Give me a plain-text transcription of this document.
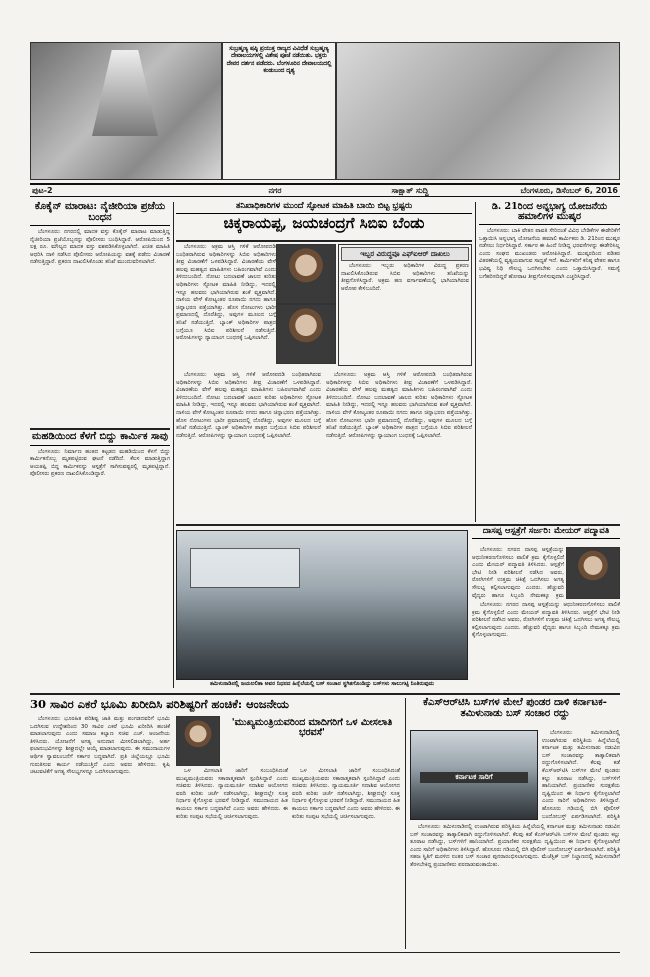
ಸುಬ್ರಹ್ಮಣ್ಯ ಷಷ್ಠಿ ಪ್ರಯುಕ್ತ ರಾಜ್ಯದ ವಿವಿಧೆಡೆ ಸುಬ್ರಹ್ಮಣ್ಯ ದೇವಾಲಯಗಳಲ್ಲಿ ವಿಶೇಷ ಪೂಜೆ ನಡೆಯಿತು. ಭಕ್ತರು ದೇವರ ದರ್ಶನ ಪಡೆದರು. ಬೆಂಗಳೂರಿನ ದೇವಾಲಯದಲ್ಲಿ ಕಂಡುಬಂದ ದೃಶ್ಯ
ಪುಟ-2	ನಗರ	ಸಾಕ್ಷಾತ್ ಸುದ್ದಿ	ಬೆಂಗಳೂರು, ಡಿಸೆಂಬರ್ 6, 2016
ಕೊಕೈನ್ ಮಾರಾಟ: ನೈಜೀರಿಯಾ ಪ್ರಜೆಯ ಬಂಧನ

ಬೆಂಗಳೂರು: ನಗರದಲ್ಲಿ ಮಾದಕ ವಸ್ತು ಕೊಕೈನ್ ಮಾರಾಟ ಮಾಡುತ್ತಿದ್ದ ನೈಜೀರಿಯಾ ಪ್ರಜೆಯೊಬ್ಬನನ್ನು ಪೊಲೀಸರು ಬಂಧಿಸಿದ್ದಾರೆ. ಆರೋಪಿಯಿಂದ 5 ಲಕ್ಷ ರೂ. ಮೌಲ್ಯದ ಮಾದಕ ವಸ್ತು ವಶಪಡಿಸಿಕೊಳ್ಳಲಾಗಿದೆ. ಖಚಿತ ಮಾಹಿತಿ ಆಧರಿಸಿ ದಾಳಿ ನಡೆಸಿದ ಪೊಲೀಸರು ಆರೋಪಿಯನ್ನು ವಶಕ್ಕೆ ಪಡೆದು ವಿಚಾರಣೆ ನಡೆಸುತ್ತಿದ್ದಾರೆ. ಪ್ರಕರಣ ದಾಖಲಿಸಿಕೊಂಡು ತನಿಖೆ ಮುಂದುವರಿಸಲಾಗಿದೆ.

ಮಹಡಿಯಿಂದ ಕೆಳಗೆ ಬಿದ್ದು ಕಾರ್ಮಿಕ ಸಾವು

ಬೆಂಗಳೂರು: ನಿರ್ಮಾಣ ಹಂತದ ಕಟ್ಟಡದ ಮಹಡಿಯಿಂದ ಕೆಳಗೆ ಬಿದ್ದು ಕಾರ್ಮಿಕನೊಬ್ಬ ಮೃತಪಟ್ಟಿರುವ ಘಟನೆ ನಡೆದಿದೆ. ಕೆಲಸ ಮಾಡುತ್ತಿದ್ದಾಗ ಆಯತಪ್ಪಿ ಬಿದ್ದ ಕಾರ್ಮಿಕನನ್ನು ಆಸ್ಪತ್ರೆಗೆ ಸಾಗಿಸುವಷ್ಟರಲ್ಲಿ ಮೃತಪಟ್ಟಿದ್ದಾನೆ. ಪೊಲೀಸರು ಪ್ರಕರಣ ದಾಖಲಿಸಿಕೊಂಡಿದ್ದಾರೆ.

ತನಿಖಾಧಿಕಾರಿಗಳ ಮುಂದೆ ಸ್ಫೋಟಕ ಮಾಹಿತಿ ಬಾಯಿ ಬಿಟ್ಟ ಭ್ರಷ್ಟರು
ಚಿಕ್ಕರಾಯಪ್ಪ, ಜಯಚಂದ್ರಗೆ ಸಿಬಿಐ ಬೆಂಡು

ಬೆಂಗಳೂರು: ಅಕ್ರಮ ಆಸ್ತಿ ಗಳಿಕೆ ಆರೋಪದಡಿ ಬಂಧಿತರಾಗಿರುವ ಅಧಿಕಾರಿಗಳನ್ನು ಸಿಬಿಐ ಅಧಿಕಾರಿಗಳು ತೀವ್ರ ವಿಚಾರಣೆಗೆ ಒಳಪಡಿಸಿದ್ದಾರೆ. ವಿಚಾರಣೆಯ ವೇಳೆ ಹಲವು ಮಹತ್ವದ ಮಾಹಿತಿಗಳು ಬಹಿರಂಗವಾಗಿವೆ ಎಂದು ತಿಳಿದುಬಂದಿದೆ. ನೋಟು ಬದಲಾವಣೆ ಜಾಲದ ಕುರಿತು ಅಧಿಕಾರಿಗಳು ಸ್ಫೋಟಕ ಮಾಹಿತಿ ನೀಡಿದ್ದು, ಇದರಲ್ಲಿ ಇನ್ನೂ ಹಲವರು ಭಾಗಿಯಾಗಿರುವ ಶಂಕೆ ವ್ಯಕ್ತವಾಗಿದೆ. ದಾಳಿಯ ವೇಳೆ ಕೋಟ್ಯಂತರ ರೂಪಾಯಿ ನಗದು ಹಾಗೂ ಚಿನ್ನಾಭರಣ ಪತ್ತೆಯಾಗಿತ್ತು. ಹೊಸ ನೋಟುಗಳು ಭಾರೀ ಪ್ರಮಾಣದಲ್ಲಿ ದೊರೆತಿದ್ದು, ಅವುಗಳ ಮೂಲದ ಬಗ್ಗೆ ತನಿಖೆ ನಡೆಯುತ್ತಿದೆ. ಬ್ಯಾಂಕ್ ಅಧಿಕಾರಿಗಳ ಪಾತ್ರದ ಬಗ್ಗೆಯೂ ಸಿಬಿಐ ಪರಿಶೀಲನೆ ನಡೆಸುತ್ತಿದೆ. ಆರೋಪಿಗಳನ್ನು ನ್ಯಾಯಾಂಗ ಬಂಧನಕ್ಕೆ ಒಪ್ಪಿಸಲಾಗಿದೆ.

ಇಬ್ಬರ ವಿರುದ್ಧವೂ ಎಫ್‌ಐಆರ್ ದಾಖಲು

ಬೆಂಗಳೂರು: ಇಬ್ಬರು ಅಧಿಕಾರಿಗಳ ವಿರುದ್ಧ ಪ್ರಕರಣ ದಾಖಲಿಸಿಕೊಂಡಿರುವ ಸಿಬಿಐ ಅಧಿಕಾರಿಗಳು ತನಿಖೆಯನ್ನು ತೀವ್ರಗೊಳಿಸಿದ್ದಾರೆ. ಅಕ್ರಮ ಹಣ ವರ್ಗಾವಣೆಯಲ್ಲಿ ಭಾಗಿಯಾಗಿರುವ ಆರೋಪ ಕೇಳಿಬಂದಿದೆ.

ಬೆಂಗಳೂರು: ಅಕ್ರಮ ಆಸ್ತಿ ಗಳಿಕೆ ಆರೋಪದಡಿ ಬಂಧಿತರಾಗಿರುವ ಅಧಿಕಾರಿಗಳನ್ನು ಸಿಬಿಐ ಅಧಿಕಾರಿಗಳು ತೀವ್ರ ವಿಚಾರಣೆಗೆ ಒಳಪಡಿಸಿದ್ದಾರೆ. ವಿಚಾರಣೆಯ ವೇಳೆ ಹಲವು ಮಹತ್ವದ ಮಾಹಿತಿಗಳು ಬಹಿರಂಗವಾಗಿವೆ ಎಂದು ತಿಳಿದುಬಂದಿದೆ. ನೋಟು ಬದಲಾವಣೆ ಜಾಲದ ಕುರಿತು ಅಧಿಕಾರಿಗಳು ಸ್ಫೋಟಕ ಮಾಹಿತಿ ನೀಡಿದ್ದು, ಇದರಲ್ಲಿ ಇನ್ನೂ ಹಲವರು ಭಾಗಿಯಾಗಿರುವ ಶಂಕೆ ವ್ಯಕ್ತವಾಗಿದೆ. ದಾಳಿಯ ವೇಳೆ ಕೋಟ್ಯಂತರ ರೂಪಾಯಿ ನಗದು ಹಾಗೂ ಚಿನ್ನಾಭರಣ ಪತ್ತೆಯಾಗಿತ್ತು. ಹೊಸ ನೋಟುಗಳು ಭಾರೀ ಪ್ರಮಾಣದಲ್ಲಿ ದೊರೆತಿದ್ದು, ಅವುಗಳ ಮೂಲದ ಬಗ್ಗೆ ತನಿಖೆ ನಡೆಯುತ್ತಿದೆ. ಬ್ಯಾಂಕ್ ಅಧಿಕಾರಿಗಳ ಪಾತ್ರದ ಬಗ್ಗೆಯೂ ಸಿಬಿಐ ಪರಿಶೀಲನೆ ನಡೆಸುತ್ತಿದೆ. ಆರೋಪಿಗಳನ್ನು ನ್ಯಾಯಾಂಗ ಬಂಧನಕ್ಕೆ ಒಪ್ಪಿಸಲಾಗಿದೆ.

ಬೆಂಗಳೂರು: ಅಕ್ರಮ ಆಸ್ತಿ ಗಳಿಕೆ ಆರೋಪದಡಿ ಬಂಧಿತರಾಗಿರುವ ಅಧಿಕಾರಿಗಳನ್ನು ಸಿಬಿಐ ಅಧಿಕಾರಿಗಳು ತೀವ್ರ ವಿಚಾರಣೆಗೆ ಒಳಪಡಿಸಿದ್ದಾರೆ. ವಿಚಾರಣೆಯ ವೇಳೆ ಹಲವು ಮಹತ್ವದ ಮಾಹಿತಿಗಳು ಬಹಿರಂಗವಾಗಿವೆ ಎಂದು ತಿಳಿದುಬಂದಿದೆ. ನೋಟು ಬದಲಾವಣೆ ಜಾಲದ ಕುರಿತು ಅಧಿಕಾರಿಗಳು ಸ್ಫೋಟಕ ಮಾಹಿತಿ ನೀಡಿದ್ದು, ಇದರಲ್ಲಿ ಇನ್ನೂ ಹಲವರು ಭಾಗಿಯಾಗಿರುವ ಶಂಕೆ ವ್ಯಕ್ತವಾಗಿದೆ. ದಾಳಿಯ ವೇಳೆ ಕೋಟ್ಯಂತರ ರೂಪಾಯಿ ನಗದು ಹಾಗೂ ಚಿನ್ನಾಭರಣ ಪತ್ತೆಯಾಗಿತ್ತು. ಹೊಸ ನೋಟುಗಳು ಭಾರೀ ಪ್ರಮಾಣದಲ್ಲಿ ದೊರೆತಿದ್ದು, ಅವುಗಳ ಮೂಲದ ಬಗ್ಗೆ ತನಿಖೆ ನಡೆಯುತ್ತಿದೆ. ಬ್ಯಾಂಕ್ ಅಧಿಕಾರಿಗಳ ಪಾತ್ರದ ಬಗ್ಗೆಯೂ ಸಿಬಿಐ ಪರಿಶೀಲನೆ ನಡೆಸುತ್ತಿದೆ. ಆರೋಪಿಗಳನ್ನು ನ್ಯಾಯಾಂಗ ಬಂಧನಕ್ಕೆ ಒಪ್ಪಿಸಲಾಗಿದೆ.

ಡಿ. 21ರಿಂದ ಅನ್ನಭಾಗ್ಯ ಯೋಜನೆಯ ಹಮಾಲಿಗಳ ಮುಷ್ಕರ

ಬೆಂಗಳೂರು: ಬಾಕಿ ವೇತನ ಪಾವತಿ ಸೇರಿದಂತೆ ವಿವಿಧ ಬೇಡಿಕೆಗಳ ಈಡೇರಿಕೆಗೆ ಒತ್ತಾಯಿಸಿ ಅನ್ನಭಾಗ್ಯ ಯೋಜನೆಯ ಹಮಾಲಿ ಕಾರ್ಮಿಕರು ಡಿ. 21ರಿಂದ ಮುಷ್ಕರ ನಡೆಸಲು ನಿರ್ಧರಿಸಿದ್ದಾರೆ. ಸರ್ಕಾರ ಈ ಹಿಂದೆ ನೀಡಿದ್ದ ಭರವಸೆಗಳನ್ನು ಈಡೇರಿಸಿಲ್ಲ ಎಂದು ಸಂಘದ ಮುಖಂಡರು ಆರೋಪಿಸಿದ್ದಾರೆ. ಮುಷ್ಕರದಿಂದ ಪಡಿತರ ವಿತರಣೆಯಲ್ಲಿ ವ್ಯತ್ಯಯವಾಗುವ ಸಾಧ್ಯತೆ ಇದೆ. ಕಾರ್ಮಿಕರಿಗೆ ಕನಿಷ್ಠ ವೇತನ ಹಾಗೂ ಭವಿಷ್ಯ ನಿಧಿ ಸೌಲಭ್ಯ ಒದಗಿಸಬೇಕು ಎಂದು ಒತ್ತಾಯಿಸಿದ್ದಾರೆ. ಸಮಸ್ಯೆ ಬಗೆಹರಿಸದಿದ್ದರೆ ಹೋರಾಟ ತೀವ್ರಗೊಳಿಸುವುದಾಗಿ ಎಚ್ಚರಿಸಿದ್ದಾರೆ.

ತಮಿಳುನಾಡಿನಲ್ಲಿ ಜಯಲಲಿತಾ ಅವರ ನಿಧನದ ಹಿನ್ನೆಲೆಯಲ್ಲಿ ಬಸ್ ಸಂಚಾರ ಸ್ಥಗಿತಗೊಂಡಿದ್ದು ಬಸ್‌ಗಳು ಸಾಲುಗಟ್ಟಿ ನಿಂತಿರುವುದು
ದಾಸಪ್ಪ ಆಸ್ಪತ್ರೆಗೆ ಸರ್ಜರಿ: ಮೇಯರ್ ಪದ್ಮಾವತಿ

ಬೆಂಗಳೂರು: ನಗರದ ದಾಸಪ್ಪ ಆಸ್ಪತ್ರೆಯನ್ನು ಆಧುನೀಕರಣಗೊಳಿಸಲು ಪಾಲಿಕೆ ಕ್ರಮ ಕೈಗೊಳ್ಳಲಿದೆ ಎಂದು ಮೇಯರ್ ಪದ್ಮಾವತಿ ತಿಳಿಸಿದರು. ಆಸ್ಪತ್ರೆಗೆ ಭೇಟಿ ನೀಡಿ ಪರಿಶೀಲನೆ ನಡೆಸಿದ ಅವರು, ರೋಗಿಗಳಿಗೆ ಉತ್ತಮ ಚಿಕಿತ್ಸೆ ಒದಗಿಸಲು ಅಗತ್ಯ ಸೌಲಭ್ಯ ಕಲ್ಪಿಸಲಾಗುವುದು ಎಂದರು. ಹೆಚ್ಚುವರಿ ವೈದ್ಯರು ಹಾಗೂ ಸಿಬ್ಬಂದಿ ನೇಮಕಕ್ಕೂ ಕ್ರಮ

ಬೆಂಗಳೂರು: ನಗರದ ದಾಸಪ್ಪ ಆಸ್ಪತ್ರೆಯನ್ನು ಆಧುನೀಕರಣಗೊಳಿಸಲು ಪಾಲಿಕೆ ಕ್ರಮ ಕೈಗೊಳ್ಳಲಿದೆ ಎಂದು ಮೇಯರ್ ಪದ್ಮಾವತಿ ತಿಳಿಸಿದರು. ಆಸ್ಪತ್ರೆಗೆ ಭೇಟಿ ನೀಡಿ ಪರಿಶೀಲನೆ ನಡೆಸಿದ ಅವರು, ರೋಗಿಗಳಿಗೆ ಉತ್ತಮ ಚಿಕಿತ್ಸೆ ಒದಗಿಸಲು ಅಗತ್ಯ ಸೌಲಭ್ಯ ಕಲ್ಪಿಸಲಾಗುವುದು ಎಂದರು. ಹೆಚ್ಚುವರಿ ವೈದ್ಯರು ಹಾಗೂ ಸಿಬ್ಬಂದಿ ನೇಮಕಕ್ಕೂ ಕ್ರಮ ಕೈಗೊಳ್ಳಲಾಗುವುದು.

30 ಸಾವಿರ ಎಕರೆ ಭೂಮಿ ಖರೀದಿಸಿ ಪರಿಶಿಷ್ಟರಿಗೆ ಹಂಚಿಕೆ: ಆಂಜನೇಯ

ಬೆಂಗಳೂರು: ಭೂರಹಿತ ಪರಿಶಿಷ್ಟ ಜಾತಿ ಮತ್ತು ಪಂಗಡದವರಿಗೆ ಭೂಮಿ ಒದಗಿಸುವ ಉದ್ದೇಶದಿಂದ 30 ಸಾವಿರ ಎಕರೆ ಭೂಮಿ ಖರೀದಿಸಿ ಹಂಚಿಕೆ ಮಾಡಲಾಗುವುದು ಎಂದು ಸಮಾಜ ಕಲ್ಯಾಣ ಸಚಿವ ಎಚ್. ಆಂಜನೇಯ ತಿಳಿಸಿದರು. ಯೋಜನೆಗೆ ಅಗತ್ಯ ಅನುದಾನ ಮೀಸಲಿಡಲಾಗಿದ್ದು, ಅರ್ಹ ಫಲಾನುಭವಿಗಳನ್ನು ಶೀಘ್ರದಲ್ಲೇ ಆಯ್ಕೆ ಮಾಡಲಾಗುವುದು. ಈ ಸಮುದಾಯಗಳ ಆರ್ಥಿಕ ಸ್ವಾವಲಂಬನೆಗೆ ಸರ್ಕಾರ ಬದ್ಧವಾಗಿದೆ. ಪ್ರತಿ ಜಿಲ್ಲೆಯಲ್ಲೂ ಭೂಮಿ ಗುರುತಿಸುವ ಕಾರ್ಯ ನಡೆಯುತ್ತಿದೆ ಎಂದು ಅವರು ಹೇಳಿದರು. ಕೃಷಿ ಚಟುವಟಿಕೆಗೆ ಅಗತ್ಯ ಸೌಲಭ್ಯಗಳನ್ನೂ ಒದಗಿಸಲಾಗುವುದು.

'ಮುಖ್ಯಮಂತ್ರಿಯವರಿಂದ ಮಾದಿಗರಿಗೆ ಒಳ ಮೀಸಲಾತಿ ಭರವಸೆ'

ಒಳ ಮೀಸಲಾತಿ ಜಾರಿಗೆ ಸಂಬಂಧಿಸಿದಂತೆ ಮುಖ್ಯಮಂತ್ರಿಯವರು ಸಕಾರಾತ್ಮಕವಾಗಿ ಸ್ಪಂದಿಸಿದ್ದಾರೆ ಎಂದು ಸಚಿವರು ತಿಳಿಸಿದರು. ನ್ಯಾಯಮೂರ್ತಿ ಸದಾಶಿವ ಆಯೋಗದ ವರದಿ ಕುರಿತು ಚರ್ಚೆ ನಡೆಸಲಾಗಿದ್ದು, ಶೀಘ್ರದಲ್ಲೇ ಸೂಕ್ತ ನಿರ್ಧಾರ ಕೈಗೊಳ್ಳುವ ಭರವಸೆ ನೀಡಿದ್ದಾರೆ. ಸಮುದಾಯದ ಹಿತ ಕಾಯಲು ಸರ್ಕಾರ ಬದ್ಧವಾಗಿದೆ ಎಂದು ಅವರು ಹೇಳಿದರು. ಈ ಕುರಿತು ಸಂಪುಟ ಸಭೆಯಲ್ಲಿ ಚರ್ಚಿಸಲಾಗುವುದು.

ಒಳ ಮೀಸಲಾತಿ ಜಾರಿಗೆ ಸಂಬಂಧಿಸಿದಂತೆ ಮುಖ್ಯಮಂತ್ರಿಯವರು ಸಕಾರಾತ್ಮಕವಾಗಿ ಸ್ಪಂದಿಸಿದ್ದಾರೆ ಎಂದು ಸಚಿವರು ತಿಳಿಸಿದರು. ನ್ಯಾಯಮೂರ್ತಿ ಸದಾಶಿವ ಆಯೋಗದ ವರದಿ ಕುರಿತು ಚರ್ಚೆ ನಡೆಸಲಾಗಿದ್ದು, ಶೀಘ್ರದಲ್ಲೇ ಸೂಕ್ತ ನಿರ್ಧಾರ ಕೈಗೊಳ್ಳುವ ಭರವಸೆ ನೀಡಿದ್ದಾರೆ. ಸಮುದಾಯದ ಹಿತ ಕಾಯಲು ಸರ್ಕಾರ ಬದ್ಧವಾಗಿದೆ ಎಂದು ಅವರು ಹೇಳಿದರು. ಈ ಕುರಿತು ಸಂಪುಟ ಸಭೆಯಲ್ಲಿ ಚರ್ಚಿಸಲಾಗುವುದು.

ಕೆಎಸ್‌ಆರ್‌ಟಿಸಿ ಬಸ್‌ಗಳ ಮೇಲೆ ಪುಂಡರ ದಾಳಿ ಕರ್ನಾಟಕ-ತಮಿಳುನಾಡು ಬಸ್ ಸಂಚಾರ ರದ್ದು
ಕರ್ನಾಟಕ ಸಾರಿಗೆ

ಬೆಂಗಳೂರು: ತಮಿಳುನಾಡಿನಲ್ಲಿ ಉಂಟಾಗಿರುವ ಪರಿಸ್ಥಿತಿಯ ಹಿನ್ನೆಲೆಯಲ್ಲಿ ಕರ್ನಾಟಕ ಮತ್ತು ತಮಿಳುನಾಡು ನಡುವಿನ ಬಸ್ ಸಂಚಾರವನ್ನು ತಾತ್ಕಾಲಿಕವಾಗಿ ರದ್ದುಗೊಳಿಸಲಾಗಿದೆ. ಕೆಲವು ಕಡೆ ಕೆಎಸ್‌ಆರ್‌ಟಿಸಿ ಬಸ್‌ಗಳ ಮೇಲೆ ಪುಂಡರು ಕಲ್ಲು ತೂರಾಟ ನಡೆಸಿದ್ದು, ಬಸ್‌ಗಳಿಗೆ ಹಾನಿಯಾಗಿದೆ. ಪ್ರಯಾಣಿಕರ ಸುರಕ್ಷತೆಯ ದೃಷ್ಟಿಯಿಂದ ಈ ನಿರ್ಧಾರ ಕೈಗೊಳ್ಳಲಾಗಿದೆ ಎಂದು ಸಾರಿಗೆ ಅಧಿಕಾರಿಗಳು ತಿಳಿಸಿದ್ದಾರೆ. ಹೊಸೂರು ಗಡಿಯಲ್ಲಿ ಬಿಗಿ ಪೊಲೀಸ್ ಬಂದೋಬಸ್ತ್ ಏರ್ಪಡಿಸಲಾಗಿದೆ. ಪರಿಸ್ಥಿತಿ

ಬೆಂಗಳೂರು: ತಮಿಳುನಾಡಿನಲ್ಲಿ ಉಂಟಾಗಿರುವ ಪರಿಸ್ಥಿತಿಯ ಹಿನ್ನೆಲೆಯಲ್ಲಿ ಕರ್ನಾಟಕ ಮತ್ತು ತಮಿಳುನಾಡು ನಡುವಿನ ಬಸ್ ಸಂಚಾರವನ್ನು ತಾತ್ಕಾಲಿಕವಾಗಿ ರದ್ದುಗೊಳಿಸಲಾಗಿದೆ. ಕೆಲವು ಕಡೆ ಕೆಎಸ್‌ಆರ್‌ಟಿಸಿ ಬಸ್‌ಗಳ ಮೇಲೆ ಪುಂಡರು ಕಲ್ಲು ತೂರಾಟ ನಡೆಸಿದ್ದು, ಬಸ್‌ಗಳಿಗೆ ಹಾನಿಯಾಗಿದೆ. ಪ್ರಯಾಣಿಕರ ಸುರಕ್ಷತೆಯ ದೃಷ್ಟಿಯಿಂದ ಈ ನಿರ್ಧಾರ ಕೈಗೊಳ್ಳಲಾಗಿದೆ ಎಂದು ಸಾರಿಗೆ ಅಧಿಕಾರಿಗಳು ತಿಳಿಸಿದ್ದಾರೆ. ಹೊಸೂರು ಗಡಿಯಲ್ಲಿ ಬಿಗಿ ಪೊಲೀಸ್ ಬಂದೋಬಸ್ತ್ ಏರ್ಪಡಿಸಲಾಗಿದೆ. ಪರಿಸ್ಥಿತಿ ಸಹಜ ಸ್ಥಿತಿಗೆ ಮರಳಿದ ನಂತರ ಬಸ್ ಸಂಚಾರ ಪುನರಾರಂಭಿಸಲಾಗುವುದು. ಮೆಜೆಸ್ಟಿಕ್ ಬಸ್ ನಿಲ್ದಾಣದಲ್ಲಿ ತಮಿಳುನಾಡಿಗೆ ತೆರಳಬೇಕಿದ್ದ ಪ್ರಯಾಣಿಕರು ಪರದಾಡುವಂತಾಯಿತು.
